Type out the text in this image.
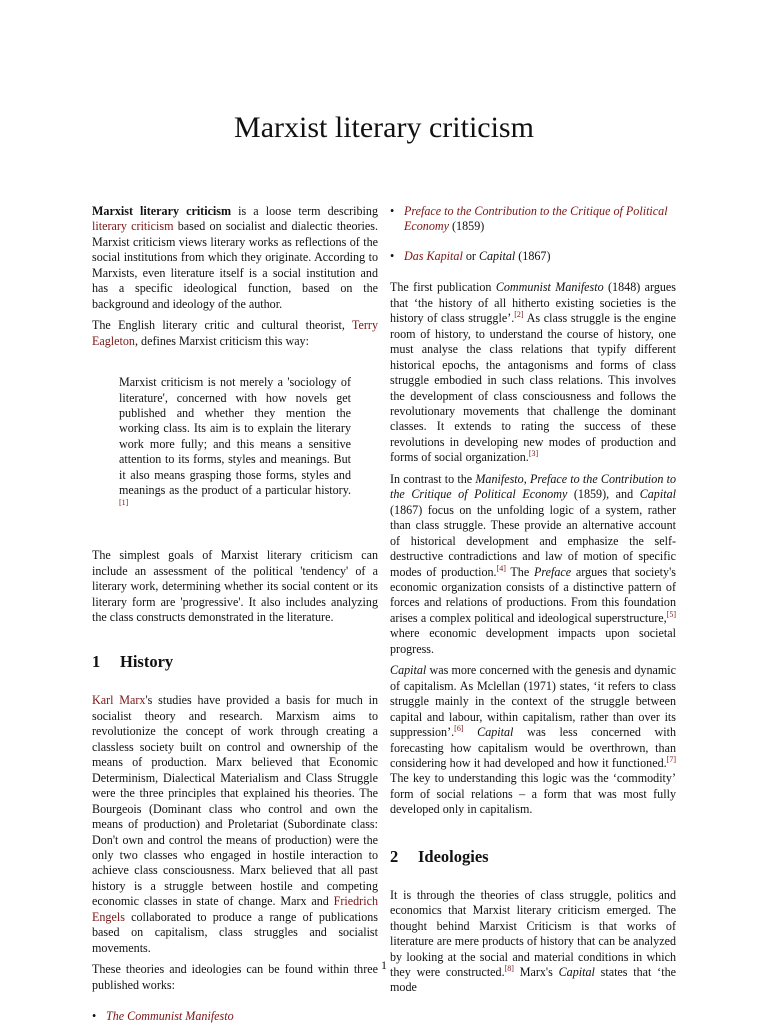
Marxist literary criticism

Marxist literary criticism is a loose term describing literary criticism based on socialist and dialectic theories. Marxist criticism views literary works as reflections of the social institutions from which they originate. According to Marxists, even literature itself is a social institution and has a specific ideological function, based on the background and ideology of the author.

The English literary critic and cultural theorist, Terry Eagleton, defines Marxist criticism this way:

Marxist criticism is not merely a 'sociology of literature', concerned with how novels get published and whether they mention the working class. Its aim is to explain the literary work more fully; and this means a sensitive attention to its forms, styles and meanings. But it also means grasping those forms, styles and meanings as the product of a particular history.[1]

The simplest goals of Marxist literary criticism can include an assessment of the political 'tendency' of a literary work, determining whether its social content or its literary form are 'progressive'. It also includes analyzing the class constructs demonstrated in the literature.

1 History

Karl Marx's studies have provided a basis for much in socialist theory and research. Marxism aims to revolutionize the concept of work through creating a classless society built on control and ownership of the means of production. Marx believed that Economic Determinism, Dialectical Materialism and Class Struggle were the three principles that explained his theories. The Bourgeois (Dominant class who control and own the means of production) and Proletariat (Subordinate class: Don't own and control the means of production) were the only two classes who engaged in hostile interaction to achieve class consciousness. Marx believed that all past history is a struggle between hostile and competing economic classes in state of change. Marx and Friedrich Engels collaborated to produce a range of publications based on capitalism, class struggles and socialist movements.

These theories and ideologies can be found within three published works:

• The Communist Manifesto
• Preface to the Contribution to the Critique of Political Economy (1859)
• Das Kapital or Capital (1867)

The first publication Communist Manifesto (1848) argues that ‘the history of all hitherto existing societies is the history of class struggle’.[2] As class struggle is the engine room of history, to understand the course of history, one must analyse the class relations that typify different historical epochs, the antagonisms and forms of class struggle embodied in such class relations. This involves the development of class consciousness and follows the revolutionary movements that challenge the dominant classes. It extends to rating the success of these revolutions in developing new modes of production and forms of social organization.[3]

In contrast to the Manifesto, Preface to the Contribution to the Critique of Political Economy (1859), and Capital (1867) focus on the unfolding logic of a system, rather than class struggle. These provide an alternative account of historical development and emphasize the self-destructive contradictions and law of motion of specific modes of production.[4] The Preface argues that society's economic organization consists of a distinctive pattern of forces and relations of productions. From this foundation arises a complex political and ideological superstructure,[5] where economic development impacts upon societal progress.

Capital was more concerned with the genesis and dynamic of capitalism. As Mclellan (1971) states, ‘it refers to class struggle mainly in the context of the struggle between capital and labour, within capitalism, rather than over its suppression’.[6] Capital was less concerned with forecasting how capitalism would be overthrown, than considering how it had developed and how it functioned.[7] The key to understanding this logic was the ‘commodity’ form of social relations – a form that was most fully developed only in capitalism.

2 Ideologies

It is through the theories of class struggle, politics and economics that Marxist literary criticism emerged. The thought behind Marxist Criticism is that works of literature are mere products of history that can be analyzed by looking at the social and material conditions in which they were constructed.[8] Marx's Capital states that ‘the mode

1
